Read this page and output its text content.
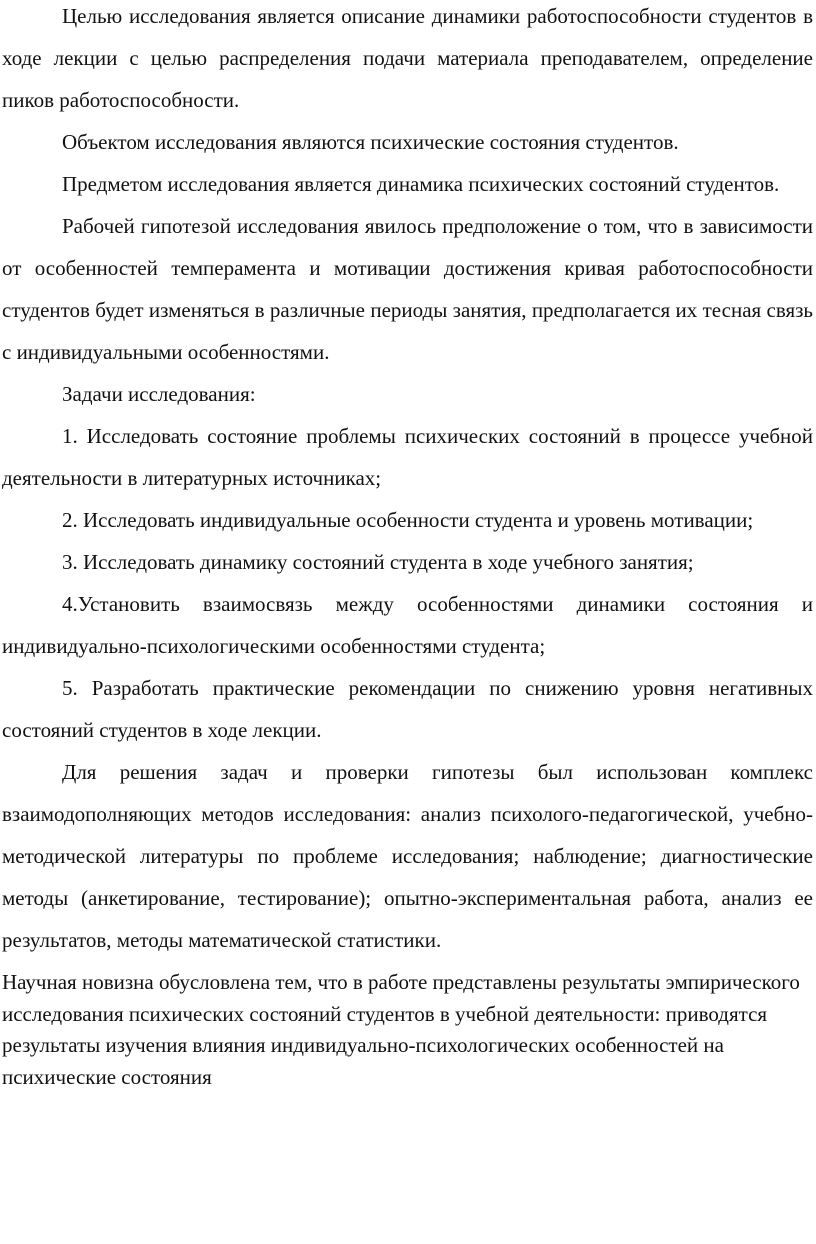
Целью исследования является описание динамики работоспособности студентов в ходе лекции с целью распределения подачи материала преподавателем, определение пиков работоспособности.

Объектом исследования являются психические состояния студентов.

Предметом исследования является динамика психических состояний студентов.

Рабочей гипотезой исследования явилось предположение о том, что в зависимости от особенностей темперамента и мотивации достижения кривая работоспособности студентов будет изменяться в различные периоды занятия, предполагается их тесная связь с индивидуальными особенностями.

Задачи исследования:

1. Исследовать состояние проблемы психических состояний в процессе учебной деятельности в литературных источниках;

2. Исследовать индивидуальные особенности студента и уровень мотивации;

3. Исследовать динамику состояний студента в ходе учебного занятия;

4.Установить взаимосвязь между особенностями динамики состояния и индивидуально-психологическими особенностями студента;

5. Разработать практические рекомендации по снижению уровня негативных состояний студентов в ходе лекции.

Для решения задач и проверки гипотезы был использован комплекс взаимодополняющих методов исследования: анализ психолого-педагогической, учебно-методической литературы по проблеме исследования; наблюдение; диагностические методы (анкетирование, тестирование); опытно-экспериментальная работа, анализ ее результатов, методы математической статистики.

Научная новизна обусловлена тем, что в работе представлены результаты эмпирического исследования психических состояний студентов в учебной деятельности: приводятся результаты изучения влияния индивидуально-психологических особенностей на психические состояния
